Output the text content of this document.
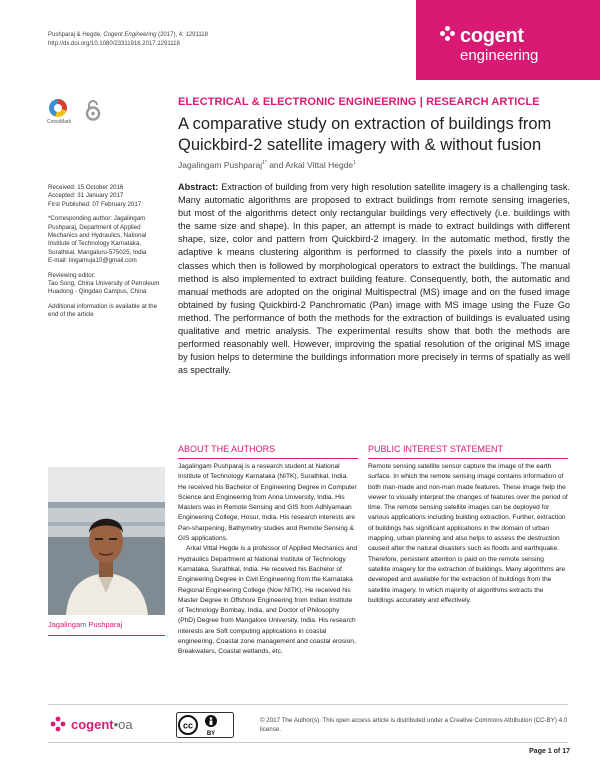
Pushparaj & Hegde, Cogent Engineering (2017), 4: 1291118
http://dx.doi.org/10.1080/23311916.2017.1291118	cogent
engineering
CrossMark
ELECTRICAL & ELECTRONIC ENGINEERING | RESEARCH ARTICLE
A comparative study on extraction of buildings from Quickbird-2 satellite imagery with & without fusion
Jagalingam Pushparaj$^{1*}$ and Arkal Vittal Hegde$^1$
Received: 15 October 2016
Accepted: 31 January 2017
First Published: 07 February 2017
*Corresponding author: Jagalingam Pushparaj, Department of Applied Mechanics and Hydraulics, National Institute of Technology Karnataka, Surathkal, Mangaluru-575025, India
E-mail: lingamuja10@gmail.com
Reviewing editor:
Tao Song, China University of Petroleum Huadong - Qingdao Campus, China
Additional information is available at the end of the article
Abstract: Extraction of building from very high resolution satellite imagery is a challenging task. Many automatic algorithms are proposed to extract buildings from remote sensing imageries, but most of the algorithms detect only rectangular buildings very effectively (i.e. buildings with the same size and shape). In this paper, an attempt is made to extract buildings with different shape, size, color and pattern from Quickbird-2 imagery. In the automatic method, firstly the adaptive k means clustering algorithm is performed to classify the pixels into a number of classes which then is followed by morphological operators to extract the buildings. The manual method is also implemented to extract building feature. Consequently, both, the automatic and manual methods are adopted on the original Multispectral (MS) image and on the fused image obtained by fusing Quickbird-2 Panchromatic (Pan) image with MS image using the Fuze Go method. The performance of both the methods for the extraction of buildings is evaluated using qualitative and metric analysis. The experimental results show that both the methods are performed reasonably well. However, improving the spatial resolution of the original MS image by fusion helps to determine the buildings information more precisely in terms of spatially as well as spectrally.
ABOUT THE AUTHORS
Jagalingam Pushparaj is a research student at National Institute of Technology Karnataka (NITK), Surathkal, India. He received his Bachelor of Engineering Degree in Computer Science and Engineering from Anna University, India. His Masters was in Remote Sensing and GIS from Adhiyamaan Engineering College, Hosur, India. His research interests are Pan-sharpening, Bathymetry studies and Remote Sensing & GIS applications.
Arkal Vittal Hegde is a professor of Applied Mechanics and Hydraulics Department at National Institute of Technology Karnataka, Surathkal, India. He received his Bachelor of Engineering Degree in Civil Engineering from the Karnataka Regional Engineering College (Now NITK). He received his Master Degree in Offshore Engineering from Indian Institute of Technology Bombay, India, and Doctor of Philosophy (PhD) Degree from Mangalore University, India. His research interests are Soft computing applications in coastal engineering, Coastal zone management and coastal erosion, Breakwaters, Coastal wetlands, etc.
Jagalingam Pushparaj
PUBLIC INTEREST STATEMENT
Remote sensing satellite sensor capture the image of the earth surface. In which the remote sensing image contains information of both man-made and non-man made features. These image help the viewer to visually interpret the changes of features over the period of time. The remote sensing satellite images can be deployed for various applications including building extraction. Further, extraction of buildings has significant applications in the domain of urban mapping, urban planning and also helps to assess the destruction caused after the natural disasters such as floods and earthquake. Therefore, persistent attention is paid on the remote sensing satellite imagery for the extraction of buildings. Many algorithms are developed and available for the extraction of buildings from the satellite imagery. In which majority of algorithms extracts the buildings accurately and effectively.
cogent•oa	cc
BY
© 2017 The Author(s). This open access article is distributed under a Creative Commons Attribution (CC-BY) 4.0 license.
Page 1 of 17
